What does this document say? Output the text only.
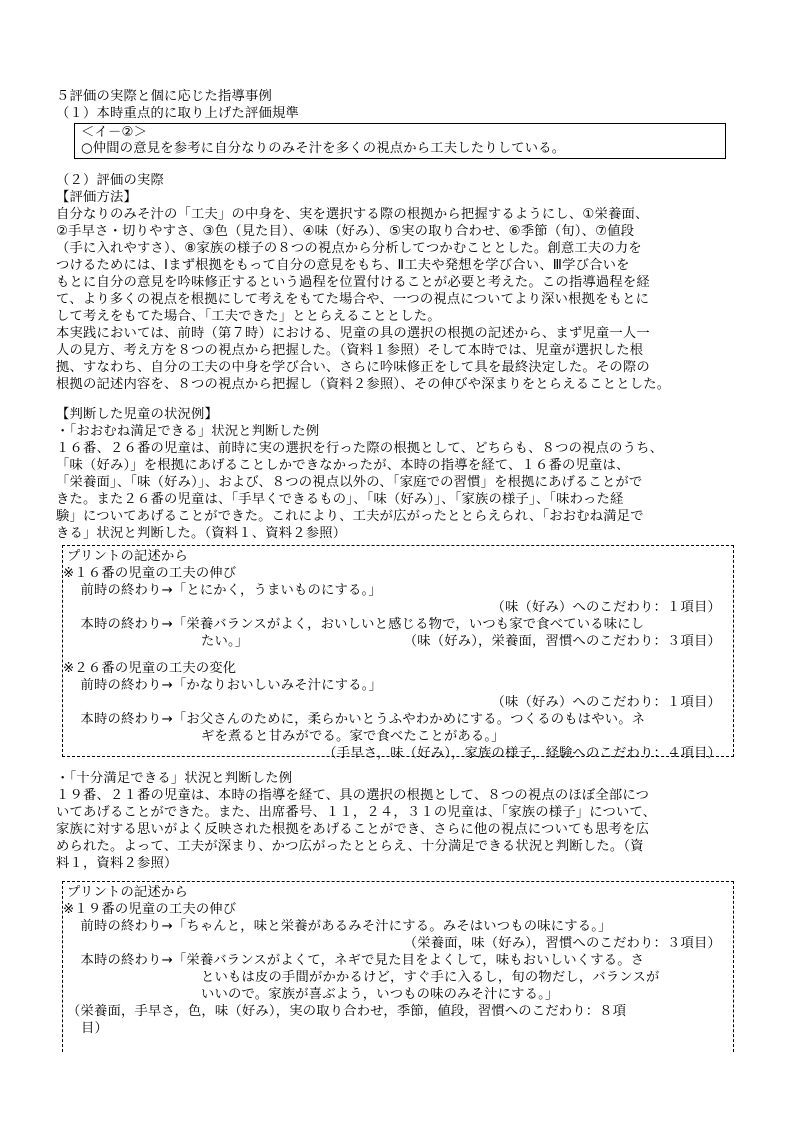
５評価の実際と個に応じた指導事例
（１）本時重点的に取り上げた評価規準
＜イ－②＞
○仲間の意見を参考に自分なりのみそ汁を多くの視点から工夫したりしている。
（２）評価の実際
【評価方法】
自分なりのみそ汁の「工夫」の中身を、実を選択する際の根拠から把握するようにし、①栄養面、
②手早さ・切りやすさ、③色（見た目）、④味（好み）、⑤実の取り合わせ、⑥季節（旬）、⑦値段
（手に入れやすさ）、⑧家族の様子の８つの視点から分析してつかむこととした。創意工夫の力を
つけるためには、Ⅰまず根拠をもって自分の意見をもち、Ⅱ工夫や発想を学び合い、Ⅲ学び合いを
もとに自分の意見を吟味修正するという過程を位置付けることが必要と考えた。この指導過程を経
て、より多くの視点を根拠にして考えをもてた場合や、一つの視点についてより深い根拠をもとに
して考えをもてた場合、「工夫できた」ととらえることとした。
本実践においては、前時（第７時）における、児童の具の選択の根拠の記述から、まず児童一人一
人の見方、考え方を８つの視点から把握した。（資料１参照）そして本時では、児童が選択した根
拠、すなわち、自分の工夫の中身を学び合い、さらに吟味修正をして具を最終決定した。その際の
根拠の記述内容を、８つの視点から把握し（資料２参照）、その伸びや深まりをとらえることとした。
【判断した児童の状況例】
・「おおむね満足できる」状況と判断した例
１６番、２６番の児童は、前時に実の選択を行った際の根拠として、どちらも、８つの視点のうち、
「味（好み）」を根拠にあげることしかできなかったが、本時の指導を経て、１６番の児童は、
「栄養面」、「味（好み）」、および、８つの視点以外の、「家庭での習慣」を根拠にあげることがで
きた。また２６番の児童は、「手早くできるもの」、「味（好み）」、「家族の様子」、「味わった経
験」についてあげることができた。これにより、工夫が広がったととらえられ、「おおむね満足で
きる」状況と判断した。（資料１、資料２参照）
プリントの記述から
※１６番の児童の工夫の伸び
　前時の終わり→「とにかく，うまいものにする。」
（味（好み）へのこだわり：１項目）
　本時の終わり→「栄養バランスがよく，おいしいと感じる物で，いつも家で食べている味にし
たい。」	（味（好み），栄養面，習慣へのこだわり：３項目）
※２６番の児童の工夫の変化
　前時の終わり→「かなりおいしいみそ汁にする。」
（味（好み）へのこだわり：１項目）
　本時の終わり→「お父さんのために，柔らかいとうふやわかめにする。つくるのもはやい。ネ
ギを煮ると甘みがでる。家で食べたことがある。」
（手早さ，味（好み），家族の様子，経験へのこだわり：４項目）
・「十分満足できる」状況と判断した例
１９番、２１番の児童は、本時の指導を経て、具の選択の根拠として、８つの視点のほぼ全部につ
いてあげることができた。また、出席番号、１１，２４，３１の児童は、「家族の様子」について、
家族に対する思いがよく反映された根拠をあげることができ、さらに他の視点についても思考を広
められた。よって、工夫が深まり、かつ広がったととらえ、十分満足できる状況と判断した。（資
料１，資料２参照）
プリントの記述から
※１９番の児童の工夫の伸び
　前時の終わり→「ちゃんと，味と栄養があるみそ汁にする。みそはいつもの味にする。」
（栄養面，味（好み），習慣へのこだわり：３項目）
　本時の終わり→「栄養バランスがよくて，ネギで見た目をよくして，味もおいしいくする。さ
といもは皮の手間がかかるけど，すぐ手に入るし，旬の物だし，バランスが
いいので。家族が喜ぶよう，いつもの味のみそ汁にする。」
（栄養面，手早さ，色，味（好み），実の取り合わせ，季節，値段，習慣へのこだわり：８項
目）
